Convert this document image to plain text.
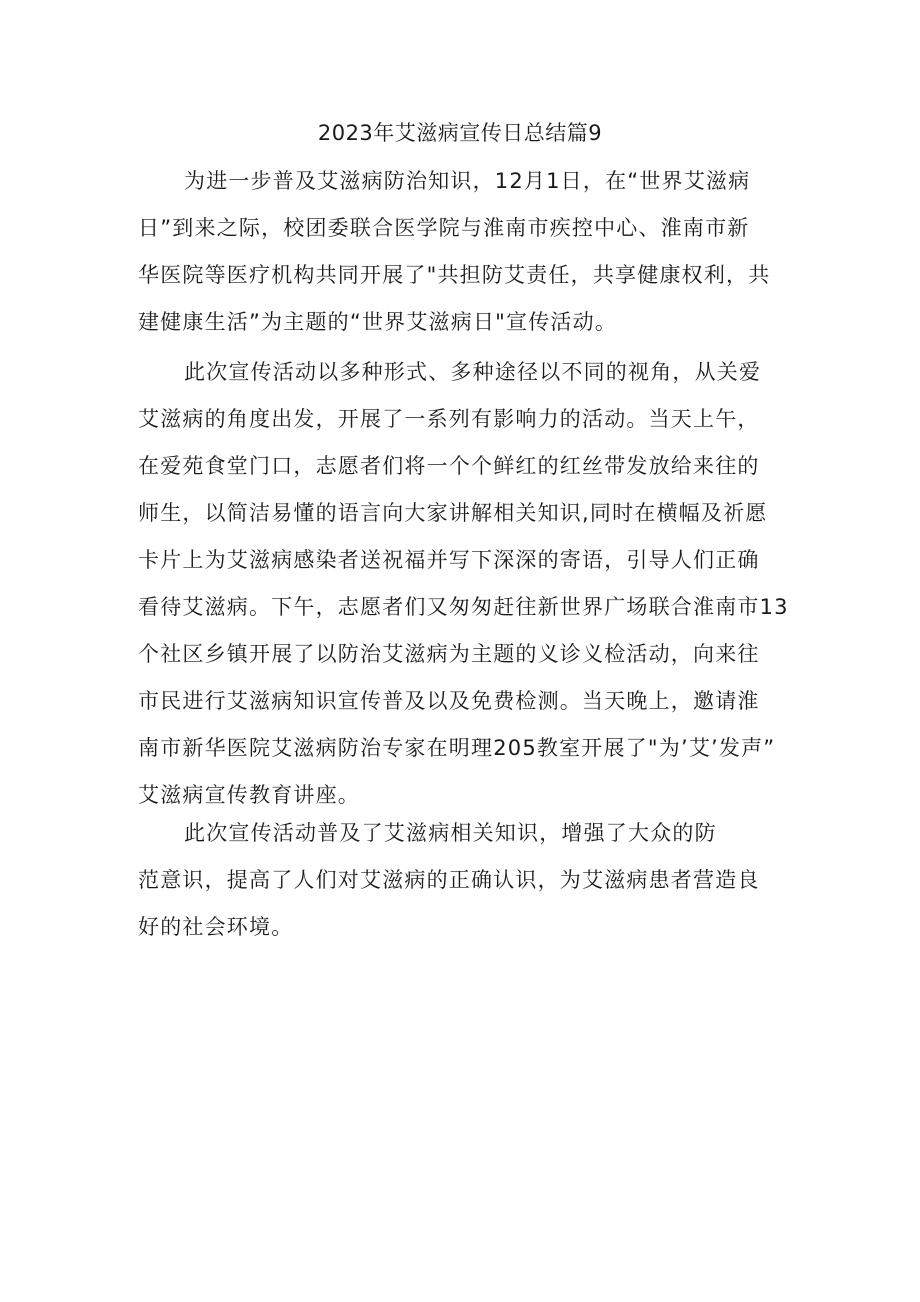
2023年艾滋病宣传日总结篇9
为进一步普及艾滋病防治知识，12月1日，在“世界艾滋病
日”到来之际，校团委联合医学院与淮南市疾控中心、淮南市新
华医院等医疗机构共同开展了"共担防艾责任，共享健康权利，共
建健康生活”为主题的“世界艾滋病日"宣传活动。
此次宣传活动以多种形式、多种途径以不同的视角，从关爱
艾滋病的角度出发，开展了一系列有影响力的活动。当天上午，
在爱苑食堂门口，志愿者们将一个个鲜红的红丝带发放给来往的
师生，以简洁易懂的语言向大家讲解相关知识,同时在横幅及祈愿
卡片上为艾滋病感染者送祝福并写下深深的寄语，引导人们正确
看待艾滋病。下午，志愿者们又匆匆赶往新世界广场联合淮南市13
个社区乡镇开展了以防治艾滋病为主题的义诊义检活动，向来往
市民进行艾滋病知识宣传普及以及免费检测。当天晚上，邀请淮
南市新华医院艾滋病防治专家在明理205教室开展了"为’艾’发声”
艾滋病宣传教育讲座。
此次宣传活动普及了艾滋病相关知识，增强了大众的防
范意识，提高了人们对艾滋病的正确认识，为艾滋病患者营造良
好的社会环境。
